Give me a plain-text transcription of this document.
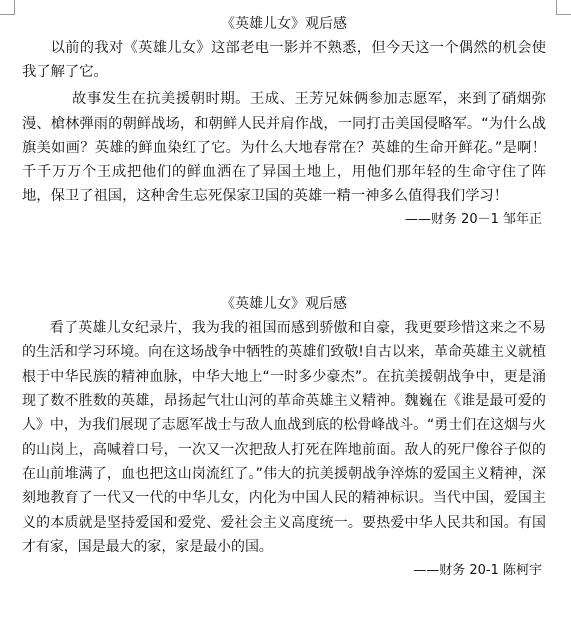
《英雄儿女》观后感

以前的我对《英雄儿女》这部老电一影并不熟悉，但今天这一个偶然的机会使我了解了它。

故事发生在抗美援朝时期。王成、王芳兄妹俩参加志愿军，来到了硝烟弥漫、槍林弾雨的朝鲜战场，和朝鲜人民并肩作战，一同打击美国侵略军。“为什么战旗美如画？英雄的鲜血染红了它。为什么大地春常在？英雄的生命开鲜花。”是啊！千千万万个王成把他们的鲜血洒在了异国土地上，用他们那年轻的生命守住了阵地，保卫了祖国，这种舍生忘死保家卫国的英雄一精一神多么值得我们学习！

——财务 20－1 邹年正
《英雄儿女》观后感

看了英雄儿女纪录片，我为我的祖国而感到骄傲和自豪，我更要珍惜这来之不易的生活和学习环境。向在这场战争中牺牲的英雄们致敬!自古以来，革命英雄主义就植根于中华民族的精神血脉，中华大地上“一时多少豪杰”。在抗美援朝战争中，更是涌现了数不胜数的英雄，昂扬起气壮山河的革命英雄主义精神。魏巍在《谁是最可爱的人》中，为我们展现了志愿军战士与敌人血战到底的松骨峰战斗。“勇士们在这烟与火的山岗上，高喊着口号，一次又一次把敌人打死在阵地前面。敌人的死尸像谷子似的在山前堆满了，血也把这山岗流红了。”伟大的抗美援朝战争淬炼的爱国主义精神，深刻地教育了一代又一代的中华儿女，内化为中国人民的精神标识。当代中国，爱国主义的本质就是坚持爱国和爱党、爱社会主义高度统一。要热爱中华人民共和国。有国才有家，国是最大的家，家是最小的国。

——财务 20-1 陈柯宇
